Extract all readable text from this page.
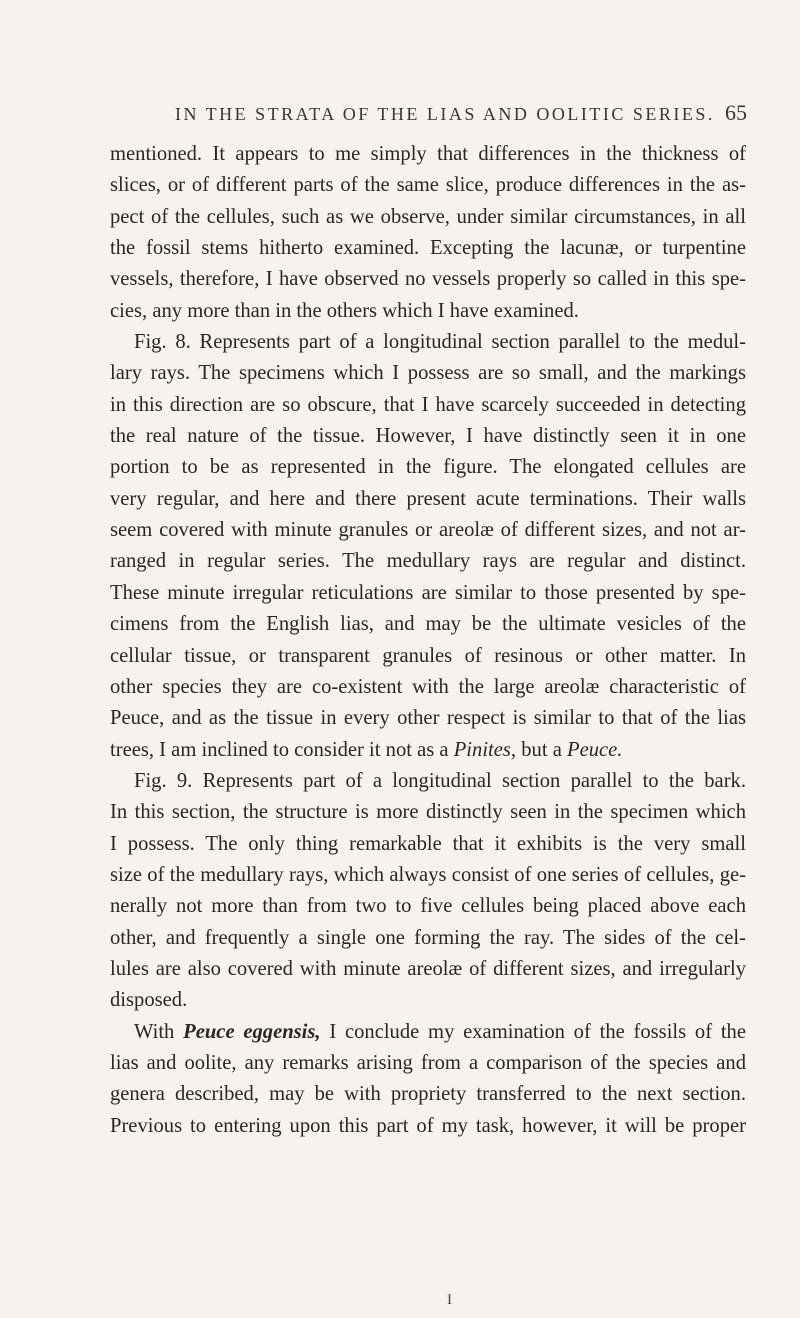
IN THE STRATA OF THE LIAS AND OOLITIC SERIES. 65
mentioned. It appears to me simply that differences in the thickness of
slices, or of different parts of the same slice, produce differences in the as-
pect of the cellules, such as we observe, under similar circumstances, in all
the fossil stems hitherto examined. Excepting the lacunæ, or turpentine
vessels, therefore, I have observed no vessels properly so called in this spe-
cies, any more than in the others which I have examined.
Fig. 8. Represents part of a longitudinal section parallel to the medul-
lary rays. The specimens which I possess are so small, and the markings
in this direction are so obscure, that I have scarcely succeeded in detecting
the real nature of the tissue. However, I have distinctly seen it in one
portion to be as represented in the figure. The elongated cellules are
very regular, and here and there present acute terminations. Their walls
seem covered with minute granules or areolæ of different sizes, and not ar-
ranged in regular series. The medullary rays are regular and distinct.
These minute irregular reticulations are similar to those presented by spe-
cimens from the English lias, and may be the ultimate vesicles of the
cellular tissue, or transparent granules of resinous or other matter. In
other species they are co-existent with the large areolæ characteristic of
Peuce, and as the tissue in every other respect is similar to that of the lias
trees, I am inclined to consider it not as a Pinites, but a Peuce.
Fig. 9. Represents part of a longitudinal section parallel to the bark.
In this section, the structure is more distinctly seen in the specimen which
I possess. The only thing remarkable that it exhibits is the very small
size of the medullary rays, which always consist of one series of cellules, ge-
nerally not more than from two to five cellules being placed above each
other, and frequently a single one forming the ray. The sides of the cel-
lules are also covered with minute areolæ of different sizes, and irregularly
disposed.
With Peuce eggensis, I conclude my examination of the fossils of the
lias and oolite, any remarks arising from a comparison of the species and
genera described, may be with propriety transferred to the next section.
Previous to entering upon this part of my task, however, it will be proper
I
